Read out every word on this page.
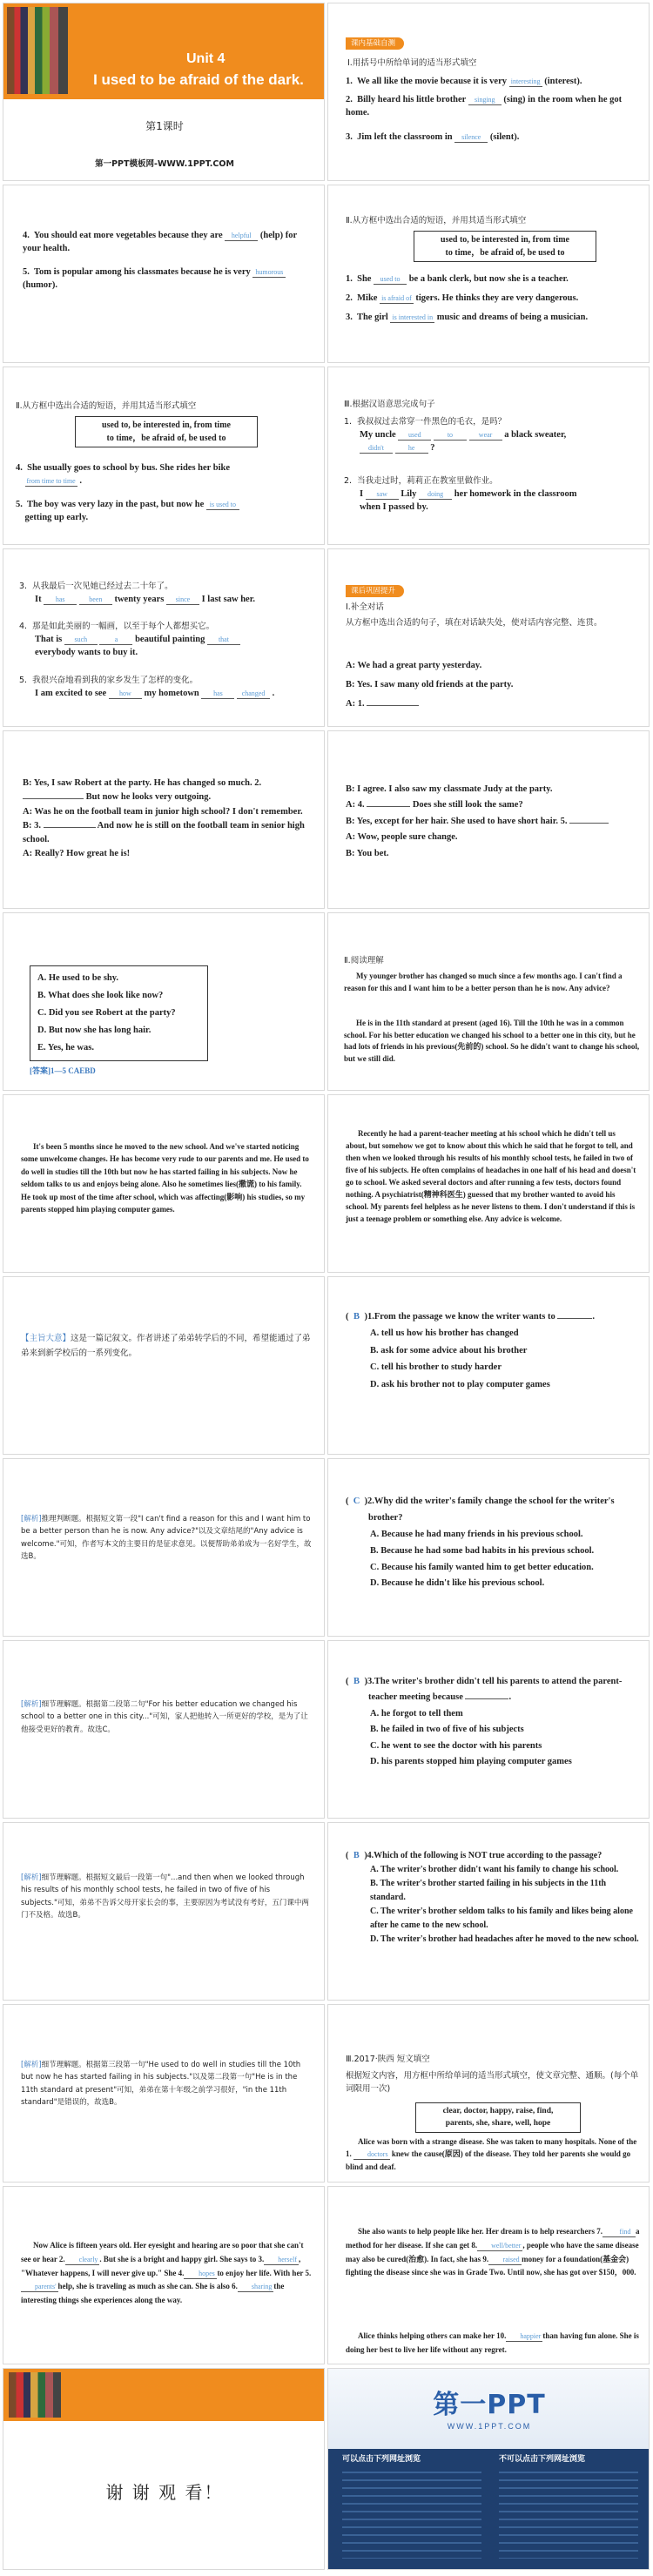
Unit 4
I used to be afraid of the dark.
第1课时
第一PPT模板网-WWW.1PPT.COM
课内基础自测
Ⅰ.用括号中所给单词的适当形式填空
1.  We all like the movie because it is very interesting (interest).
2.  Billy heard his little brother singing (sing) in the room when he got home.
3.  Jim left the classroom in silence (silent).
4.  You should eat more vegetables because they are helpful (help) for your health.
5.  Tom is popular among his classmates because he is very humorous (humor).
Ⅱ.从方框中选出合适的短语，并用其适当形式填空
used to, be interested in, from time
to time，be afraid of, be used to
1.  She used to be a bank clerk, but now she is a teacher.
2.  Mike is afraid of tigers. He thinks they are very dangerous.
3.  The girl is interested in music and dreams of being a musician.
Ⅱ.从方框中选出合适的短语，并用其适当形式填空
used to, be interested in, from time
to time，be afraid of, be used to
4.  She usually goes to school by bus. She rides her bike
from time to time .
5.  The boy was very lazy in the past, but now he is used to
getting up early.
Ⅲ.根据汉语意思完成句子
1.  我叔叔过去常穿一件黑色的毛衣，是吗？
My uncle used	to	wear a black sweater,
didn't	he ?
2.  当我走过时，莉莉正在教室里做作业。
I saw Lily doing her homework in the classroom
when I passed by.
3.  从我最后一次见她已经过去二十年了。
It has	been twenty years since I last saw her.
4.  那是如此美丽的一幅画，以至于每个人都想买它。
That is such	a beautiful painting that
everybody wants to buy it.
5.  我很兴奋地看到我的家乡发生了怎样的变化。
I am excited to see how my hometown has	changed .
课后巩固提升
Ⅰ.补全对话
从方框中选出合适的句子，填在对话缺失处，使对话内容完整、连贯。
A: We had a great party yesterday.
B: Yes. I saw many old friends at the party.
A: 1.
B: Yes, I saw Robert at the party. He has changed so much. 2.
But now he looks very outgoing.
A: Was he on the football team in junior high school? I don't remember.
B: 3.	And now he is still on the football team in senior high school.
A: Really? How great he is!
B: I agree. I also saw my classmate Judy at the party.
A: 4.	Does she still look the same?
B: Yes, except for her hair. She used to have short hair. 5.
A: Wow, people sure change.
B: You bet.
A. He used to be shy.
B. What does she look like now?
C. Did you see Robert at the party?
D. But now she has long hair.
E. Yes, he was.
[答案]1—5 CAEBD
Ⅱ.阅读理解
My younger brother has changed so much since a few months ago. I can't find a reason for this and I want him to be a better person than he is now. Any advice?
He is in the 11th standard at present (aged 16). Till the 10th he was in a common school. For his better education we changed his school to a better one in this city, but he had lots of friends in his previous(先前的) school. So he didn't want to change his school, but we still did.
It's been 5 months since he moved to the new school. And we've started noticing some unwelcome changes. He has become very rude to our parents and me. He used to do well in studies till the 10th but now he has started failing in his subjects. Now he seldom talks to us and enjoys being alone. Also he sometimes lies(撒谎) to his family. He took up most of the time after school, which was affecting(影响) his studies, so my parents stopped him playing computer games.
Recently he had a parent-teacher meeting at his school which he didn't tell us about, but somehow we got to know about this which he said that he forgot to tell, and then when we looked through his results of his monthly school tests, he failed in two of five of his subjects. He often complains of headaches in one half of his head and doesn't go to school. We asked several doctors and after running a few tests, doctors found nothing. A psychiatrist(精神科医生) guessed that my brother wanted to avoid his school. My parents feel helpless as he never listens to them. I don't understand if this is just a teenage problem or something else. Any advice is welcome.
【主旨大意】这是一篇记叙文。作者讲述了弟弟转学后的不同，希望能通过了弟弟来到新学校后的一系列变化。
( B )1.From the passage we know the writer wants to	.
A. tell us how his brother has changed
B. ask for some advice about his brother
C. tell his brother to study harder
D. ask his brother not to play computer games
[解析]推理判断题。根据短文第一段"I can't find a reason for this and I want him to be a better person than he is now. Any advice?"以及文章结尾的"Any advice is welcome."可知，作者写本文的主要目的是征求意见。以便帮助弟弟成为一名好学生，故选B。
( C )2.Why did the writer's family change the school for the writer's brother?
A. Because he had many friends in his previous school.
B. Because he had some bad habits in his previous school.
C. Because his family wanted him to get better education.
D. Because he didn't like his previous school.
[解析]细节理解题。根据第二段第二句"For his better education we changed his school to a better one in this city..."可知，家人把他转入一所更好的学校，是为了让他接受更好的教育。故选C。
( B )3.The writer's brother didn't tell his parents to attend the parent-teacher meeting because	.
A. he forgot to tell them
B. he failed in two of five of his subjects
C. he went to see the doctor with his parents
D. his parents stopped him playing computer games
[解析]细节理解题。根据短文最后一段第一句"...and then when we looked through his results of his monthly school tests, he failed in two of five of his subjects."可知，弟弟不告诉父母开家长会的事，主要原因为考试没有考好，五门课中两门不及格。故选B。
( B )4.Which of the following is NOT true according to the passage?
A. The writer's brother didn't want his family to change his school.
B. The writer's brother started failing in his subjects in the 11th standard.
C. The writer's brother seldom talks to his family and likes being alone after he came to the new school.
D. The writer's brother had headaches after he moved to the new school.
[解析]细节理解题。根据第三段第一句"He used to do well in studies till the 10th but now he has started failing in his subjects."以及第二段第一句"He is in the 11th standard at present"可知，弟弟在第十年级之前学习很好，"in the 11th standard"是错误的，故选B。
Ⅲ.2017·陕西 短文填空
根据短文内容，用方框中所给单词的适当形式填空，使文章完整、通顺。(每个单词限用一次)
clear, doctor, happy, raise, find,
parents, she, share, well, hope
Alice was born with a strange disease. She was taken to many hospitals. None of the 1. doctors knew the cause(原因) of the disease. They told her parents she would go blind and deaf.
Now Alice is fifteen years old. Her eyesight and hearing are so poor that she can't see or hear 2. clearly . But she is a bright and happy girl. She says to 3. herself , "Whatever happens, I will never give up." She 4. hopes to enjoy her life. With her 5.parents' help, she is traveling as much as she can. She is also 6. sharing the interesting things she experiences along the way.
She also wants to help people like her. Her dream is to help researchers 7. find a method for her disease. If she can get 8. well/better , people who have the same disease may also be cured(治愈). In fact, she has 9. raised money for a foundation(基金会) fighting the disease since she was in Grade Two. Until now, she has got over $150，000.
Alice thinks helping others can make her 10. happier than having fun alone. She is doing her best to live her life without any regret.
谢 谢 观 看！
第一PPT
WWW.1PPT.COM
可以点击下列网址浏览	不可以点击下列网址浏览
